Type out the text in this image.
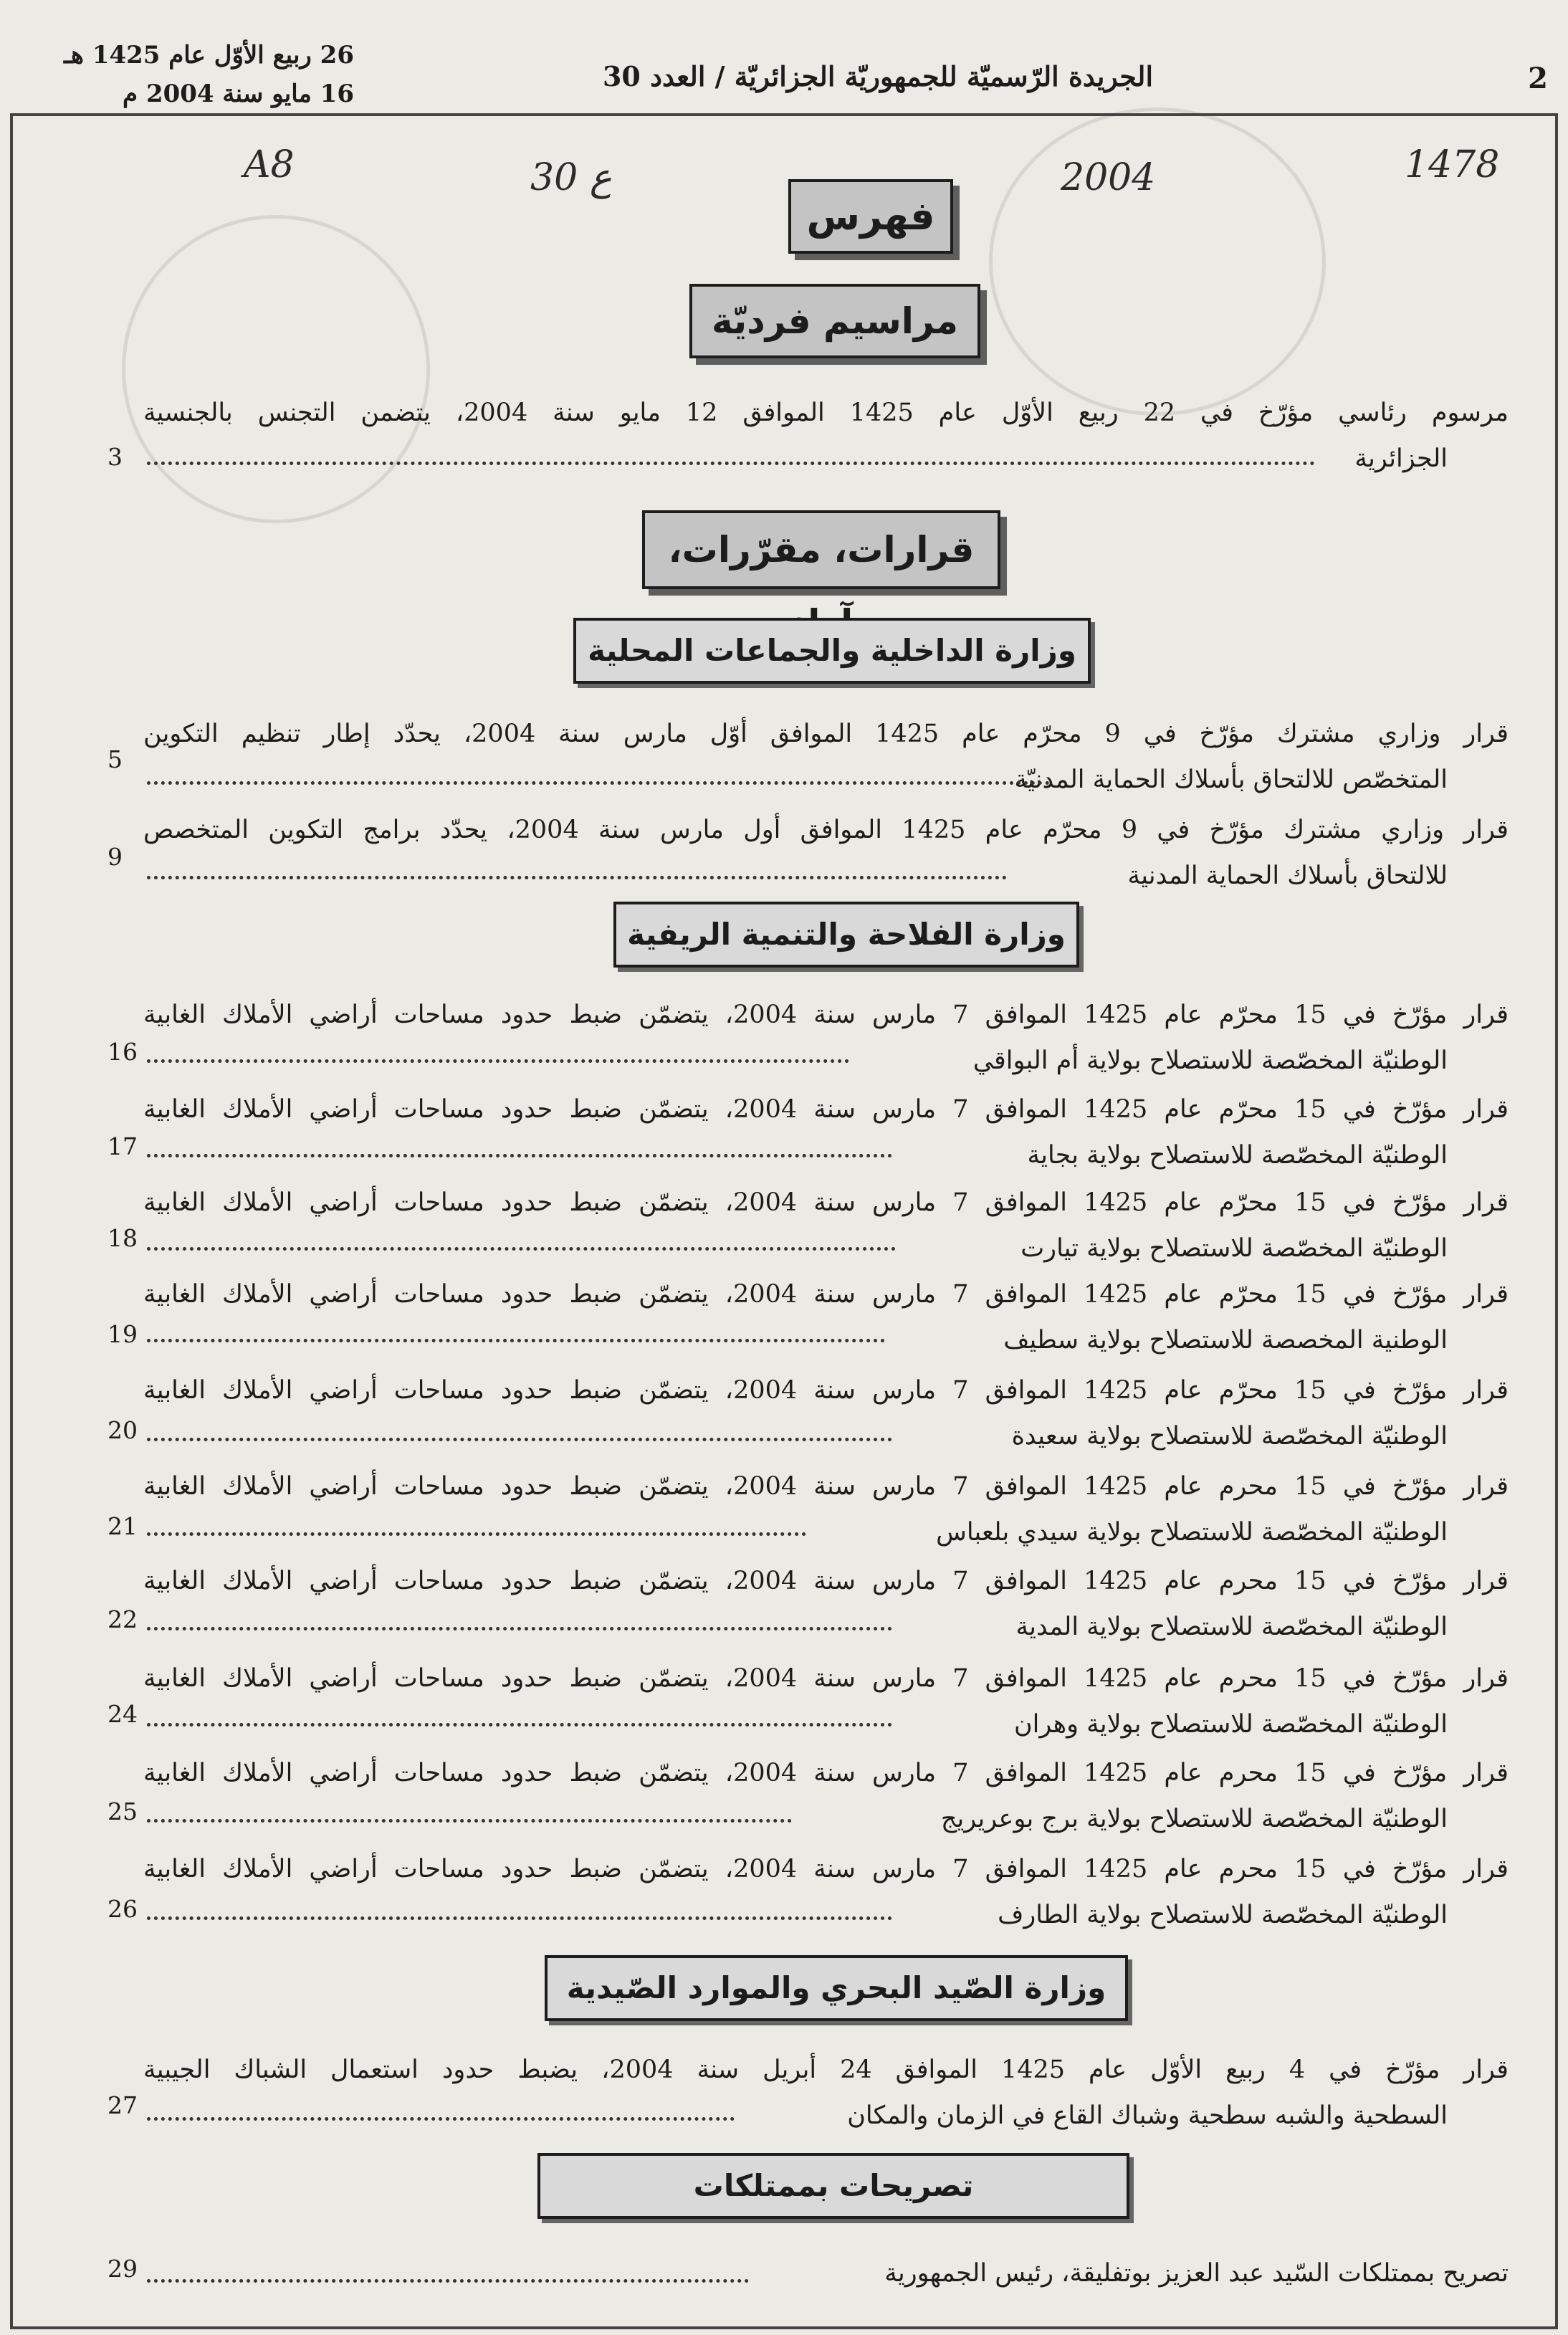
2
الجريدة الرّسميّة للجمهوريّة الجزائريّة / العدد 30
26 ربيع الأوّل عام 1425 هـ
16 مايو سنة 2004 م
A8	30 ع	2004	1478
فهرس
مراسيم فرديّة
مرسوم رئاسي مؤرّخ في 22 ربيع الأوّل عام 1425 الموافق 12 مايو سنة 2004، يتضمن التجنس بالجنسية
الجزائرية
3
قرارات، مقرّرات،
وزارة الداخلية والجماعات المحلية
قرار وزاري مشترك مؤرّخ في 9 محرّم عام 1425 الموافق أوّل مارس سنة 2004، يحدّد إطار تنظيم التكوين
المتخصّص للالتحاق بأسلاك الحماية المدنيّة
5
قرار وزاري مشترك مؤرّخ في 9 محرّم عام 1425 الموافق أول مارس سنة 2004، يحدّد برامج التكوين المتخصص
للالتحاق بأسلاك الحماية المدنية
9
وزارة الفلاحة والتنمية الريفية
قرار مؤرّخ في 15 محرّم عام 1425 الموافق 7 مارس سنة 2004، يتضمّن ضبط حدود مساحات أراضي الأملاك الغابية
الوطنيّة المخصّصة للاستصلاح بولاية أم البواقي
16
قرار مؤرّخ في 15 محرّم عام 1425 الموافق 7 مارس سنة 2004، يتضمّن ضبط حدود مساحات أراضي الأملاك الغابية
الوطنيّة المخصّصة للاستصلاح بولاية بجاية
17
قرار مؤرّخ في 15 محرّم عام 1425 الموافق 7 مارس سنة 2004، يتضمّن ضبط حدود مساحات أراضي الأملاك الغابية
الوطنيّة المخصّصة للاستصلاح بولاية تيارت
18
قرار مؤرّخ في 15 محرّم عام 1425 الموافق 7 مارس سنة 2004، يتضمّن ضبط حدود مساحات أراضي الأملاك الغابية
الوطنية المخصصة للاستصلاح بولاية سطيف
19
قرار مؤرّخ في 15 محرّم عام 1425 الموافق 7 مارس سنة 2004، يتضمّن ضبط حدود مساحات أراضي الأملاك الغابية
الوطنيّة المخصّصة للاستصلاح بولاية سعيدة
20
قرار مؤرّخ في 15 محرم عام 1425 الموافق 7 مارس سنة 2004، يتضمّن ضبط حدود مساحات أراضي الأملاك الغابية
الوطنيّة المخصّصة للاستصلاح بولاية سيدي بلعباس
21
قرار مؤرّخ في 15 محرم عام 1425 الموافق 7 مارس سنة 2004، يتضمّن ضبط حدود مساحات أراضي الأملاك الغابية
الوطنيّة المخصّصة للاستصلاح بولاية المدية
22
قرار مؤرّخ في 15 محرم عام 1425 الموافق 7 مارس سنة 2004، يتضمّن ضبط حدود مساحات أراضي الأملاك الغابية
الوطنيّة المخصّصة للاستصلاح بولاية وهران
24
قرار مؤرّخ في 15 محرم عام 1425 الموافق 7 مارس سنة 2004، يتضمّن ضبط حدود مساحات أراضي الأملاك الغابية
الوطنيّة المخصّصة للاستصلاح بولاية برج بوعريريج
25
قرار مؤرّخ في 15 محرم عام 1425 الموافق 7 مارس سنة 2004، يتضمّن ضبط حدود مساحات أراضي الأملاك الغابية
الوطنيّة المخصّصة للاستصلاح بولاية الطارف
26
وزارة الصّيد البحري والموارد الصّيدية
قرار مؤرّخ في 4 ربيع الأوّل عام 1425 الموافق 24 أبريل سنة 2004، يضبط حدود استعمال الشباك الجيبية
السطحية والشبه سطحية وشباك القاع في الزمان والمكان
27
تصريحات بممتلكات
تصريح بممتلكات السّيد عبد العزيز بوتفليقة، رئيس الجمهورية
29
